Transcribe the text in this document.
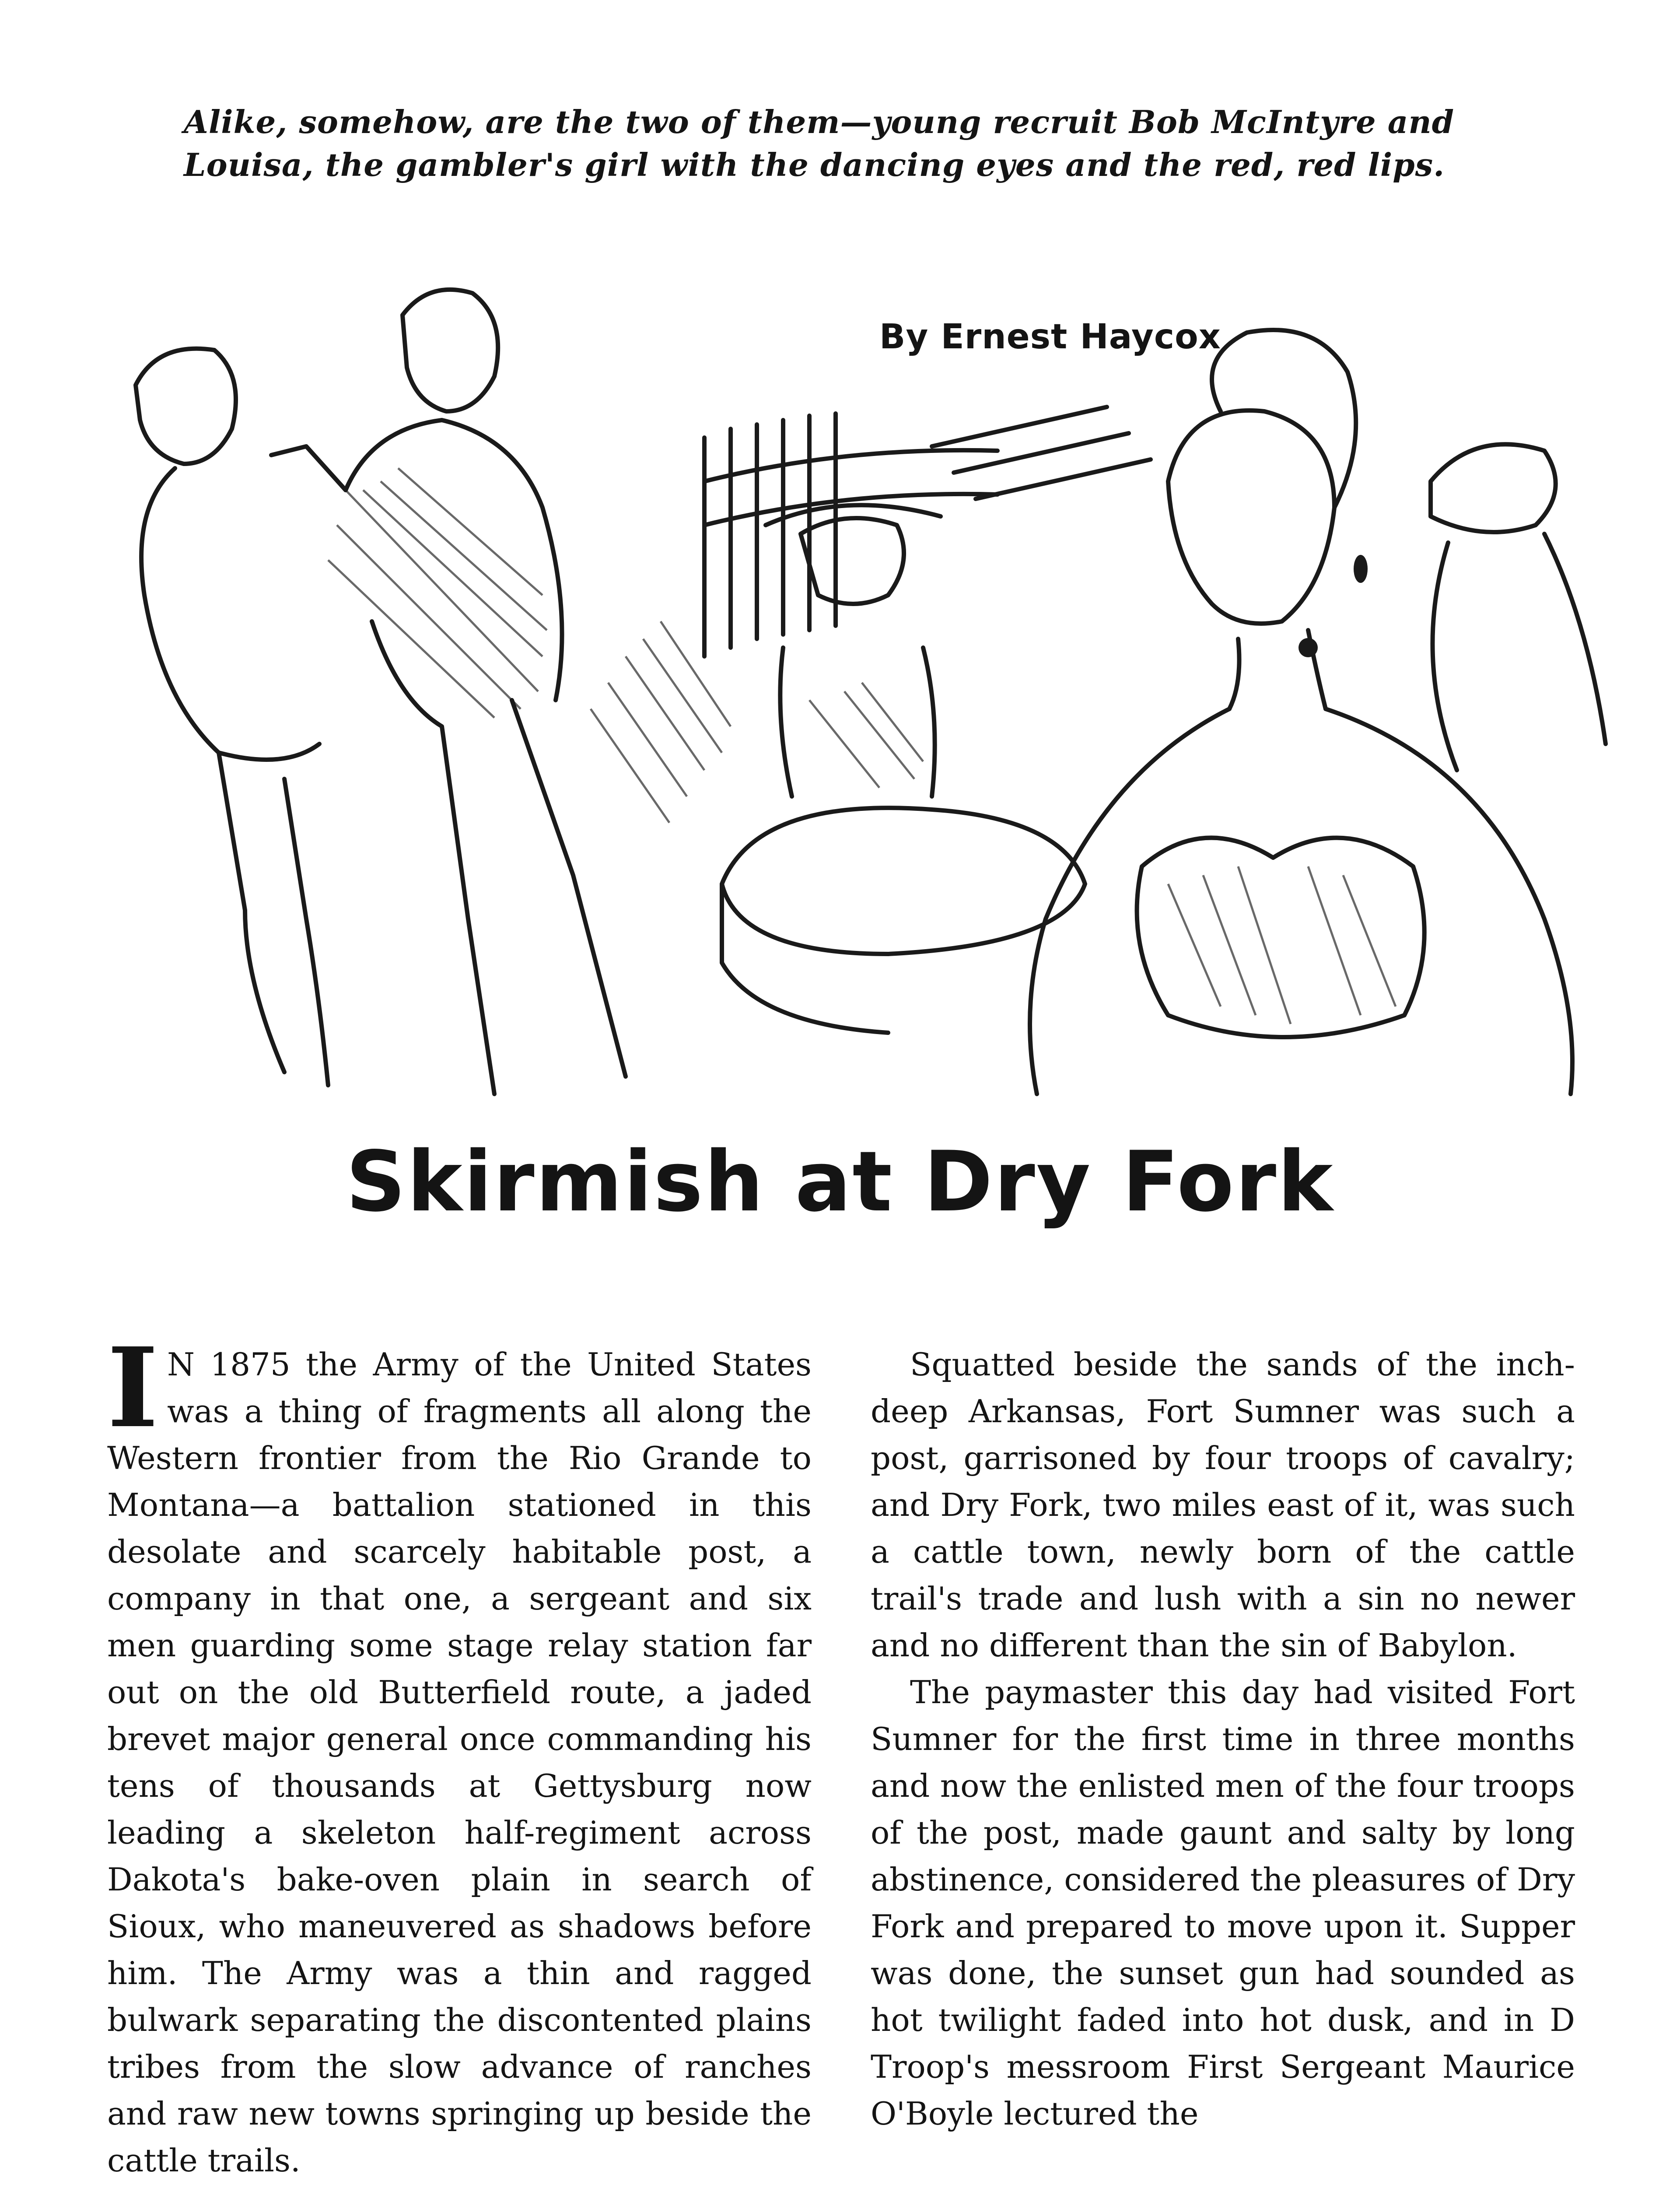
Alike, somehow, are the two of them—young recruit Bob McIntyre and Louisa, the gambler's girl with the dancing eyes and the red, red lips.
By Ernest Haycox
Skirmish at Dry Fork

I N 1875 the Army of the United States was a thing of fragments all along the Western frontier from the Rio Grande to Montana—a battalion stationed in this desolate and scarcely habitable post, a company in that one, a sergeant and six men guarding some stage relay station far out on the old Butterfield route, a jaded brevet major general once commanding his tens of thousands at Gettysburg now leading a skeleton half-regiment across Dakota's bake-oven plain in search of Sioux, who maneuvered as shadows before him. The Army was a thin and ragged bulwark separating the discontented plains tribes from the slow advance of ranches and raw new towns springing up beside the cattle trails.

Squatted beside the sands of the inch-deep Arkansas, Fort Sumner was such a post, garrisoned by four troops of cavalry; and Dry Fork, two miles east of it, was such a cattle town, newly born of the cattle trail's trade and lush with a sin no newer and no different than the sin of Babylon.

The paymaster this day had visited Fort Sumner for the first time in three months and now the enlisted men of the four troops of the post, made gaunt and salty by long abstinence, considered the pleasures of Dry Fork and prepared to move upon it. Supper was done, the sunset gun had sounded as hot twilight faded into hot dusk, and in D Troop's messroom First Sergeant Maurice O'Boyle lectured the
